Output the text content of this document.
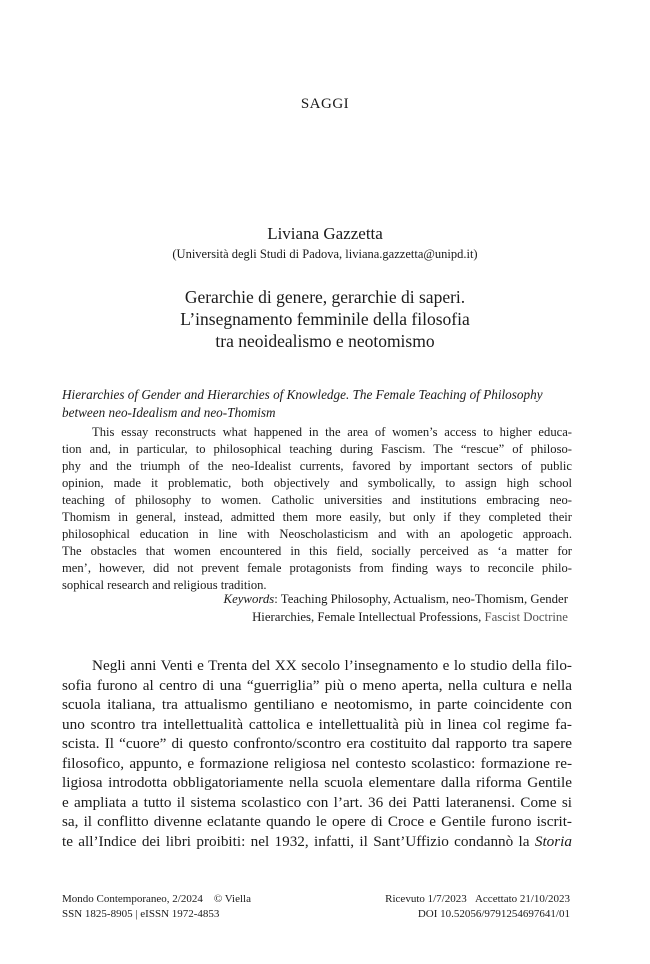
SAGGI
Liviana Gazzetta
(Università degli Studi di Padova, liviana.gazzetta@unipd.it)
Gerarchie di genere, gerarchie di saperi.
L’insegnamento femminile della filosofia
tra neoidealismo e neotomismo
Hierarchies of Gender and Hierarchies of Knowledge. The Female Teaching of Philosophy
between neo-Idealism and neo-Thomism
This essay reconstructs what happened in the area of women’s access to higher educa-
tion and, in particular, to philosophical teaching during Fascism. The “rescue” of philoso-
phy and the triumph of the neo-Idealist currents, favored by important sectors of public
opinion, made it problematic, both objectively and symbolically, to assign high school
teaching of philosophy to women. Catholic universities and institutions embracing neo-
Thomism in general, instead, admitted them more easily, but only if they completed their
philosophical education in line with Neoscholasticism and with an apologetic approach.
The obstacles that women encountered in this field, socially perceived as ‘a matter for
men’, however, did not prevent female protagonists from finding ways to reconcile philo-
sophical research and religious tradition.
Keywords: Teaching Philosophy, Actualism, neo-Thomism, Gender
Hierarchies, Female Intellectual Professions, Fascist Doctrine
Negli anni Venti e Trenta del XX secolo l’insegnamento e lo studio della filo-
sofia furono al centro di una “guerriglia” più o meno aperta, nella cultura e nella
scuola italiana, tra attualismo gentiliano e neotomismo, in parte coincidente con
uno scontro tra intellettualità cattolica e intellettualità più in linea col regime fa-
scista. Il “cuore” di questo confronto/scontro era costituito dal rapporto tra sapere
filosofico, appunto, e formazione religiosa nel contesto scolastico: formazione re-
ligiosa introdotta obbligatoriamente nella scuola elementare dalla riforma Gentile
e ampliata a tutto il sistema scolastico con l’art. 36 dei Patti lateranensi. Come si
sa, il conflitto divenne eclatante quando le opere di Croce e Gentile furono iscrit-
te all’Indice dei libri proibiti: nel 1932, infatti, il Sant’Uffizio condannò la Storia
Mondo Contemporaneo, 2/2024 © Viella
SSN 1825-8905 | eISSN 1972-4853
Ricevuto 1/7/2023 Accettato 21/10/2023
DOI 10.52056/9791254697641/01
